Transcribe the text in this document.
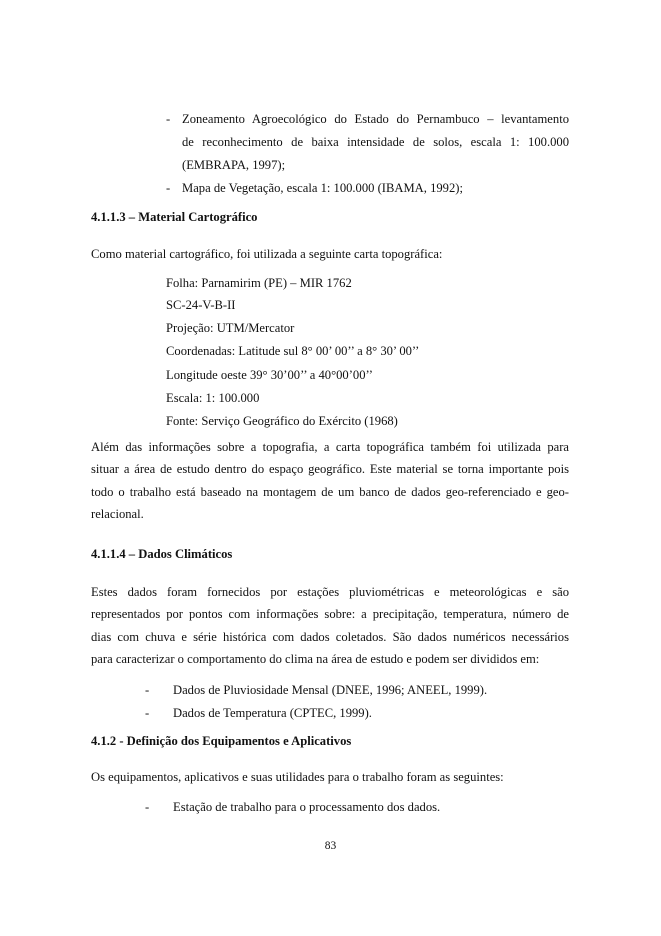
- Zoneamento Agroecológico do Estado do Pernambuco – levantamento
de reconhecimento de baixa intensidade de solos, escala 1: 100.000
(EMBRAPA, 1997);
- Mapa de Vegetação, escala 1: 100.000 (IBAMA, 1992);
4.1.1.3 – Material Cartográfico
Como material cartográfico, foi utilizada a seguinte carta topográfica:
Folha: Parnamirim (PE) – MIR 1762
SC-24-V-B-II
Projeção: UTM/Mercator
Coordenadas: Latitude sul 8° 00’ 00’’ a 8° 30’ 00’’
Longitude oeste 39° 30’00’’ a 40°00’00’’
Escala: 1: 100.000
Fonte: Serviço Geográfico do Exército (1968)
Além das informações sobre a topografia, a carta topográfica também foi utilizada para
situar a área de estudo dentro do espaço geográfico. Este material se torna importante pois
todo o trabalho está baseado na montagem de um banco de dados geo-referenciado e geo-
relacional.
4.1.1.4 – Dados Climáticos
Estes dados foram fornecidos por estações pluviométricas e meteorológicas e são
representados por pontos com informações sobre: a precipitação, temperatura, número de
dias com chuva e série histórica com dados coletados. São dados numéricos necessários
para caracterizar o comportamento do clima na área de estudo e podem ser divididos em:
- Dados de Pluviosidade Mensal (DNEE, 1996; ANEEL, 1999).
- Dados de Temperatura (CPTEC, 1999).
4.1.2 - Definição dos Equipamentos e Aplicativos
Os equipamentos, aplicativos e suas utilidades para o trabalho foram as seguintes:
- Estação de trabalho para o processamento dos dados.
83
